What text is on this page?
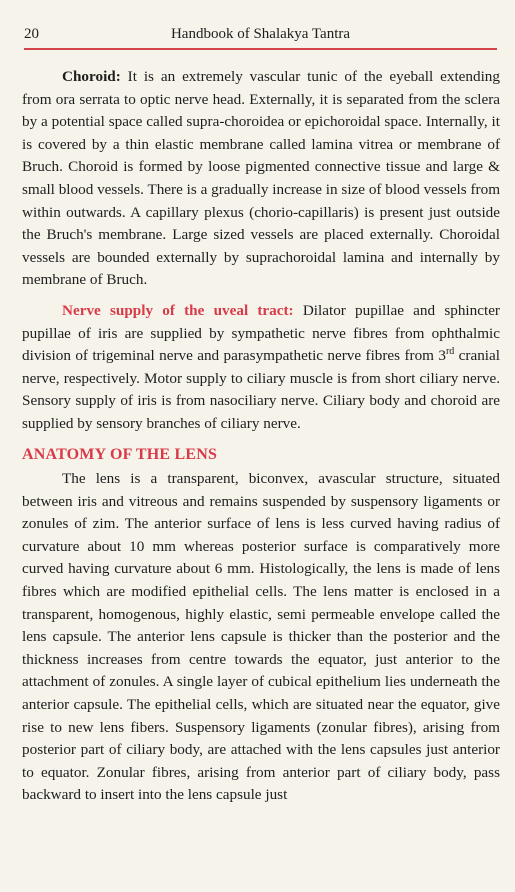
20	Handbook of Shalakya Tantra

Choroid: It is an extremely vascular tunic of the eyeball extending from ora serrata to optic nerve head. Externally, it is separated from the sclera by a potential space called supra-choroidea or epichoroidal space. Internally, it is covered by a thin elastic membrane called lamina vitrea or membrane of Bruch. Choroid is formed by loose pigmented connective tissue and large & small blood vessels. There is a gradually increase in size of blood vessels from within outwards. A capillary plexus (chorio-capillaris) is present just outside the Bruch's membrane. Large sized vessels are placed externally. Choroidal vessels are bounded externally by suprachoroidal lamina and internally by membrane of Bruch.

Nerve supply of the uveal tract: Dilator pupillae and sphincter pupillae of iris are supplied by sympathetic nerve fibres from ophthalmic division of trigeminal nerve and parasympathetic nerve fibres from 3rd cranial nerve, respectively. Motor supply to ciliary muscle is from short ciliary nerve. Sensory supply of iris is from nasociliary nerve. Ciliary body and choroid are supplied by sensory branches of ciliary nerve.

ANATOMY OF THE LENS

The lens is a transparent, biconvex, avascular structure, situated between iris and vitreous and remains suspended by suspensory ligaments or zonules of zim. The anterior surface of lens is less curved having radius of curvature about 10 mm whereas posterior surface is comparatively more curved having curvature about 6 mm. Histologically, the lens is made of lens fibres which are modified epithelial cells. The lens matter is enclosed in a transparent, homogenous, highly elastic, semi permeable envelope called the lens capsule. The anterior lens capsule is thicker than the posterior and the thickness increases from centre towards the equator, just anterior to the attachment of zonules. A single layer of cubical epithelium lies underneath the anterior capsule. The epithelial cells, which are situated near the equator, give rise to new lens fibers. Suspensory ligaments (zonular fibres), arising from posterior part of ciliary body, are attached with the lens capsules just anterior to equator. Zonular fibres, arising from anterior part of ciliary body, pass backward to insert into the lens capsule just
